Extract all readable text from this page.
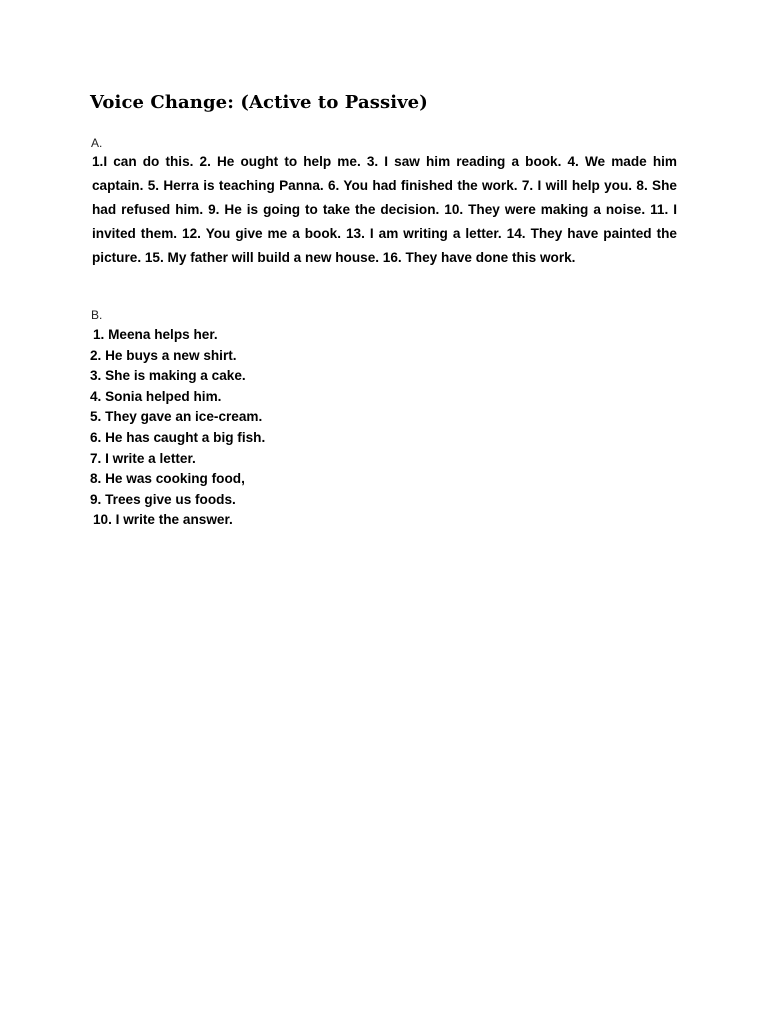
Voice Change: (Active to Passive)
A.

1.I can do this. 2. He ought to help me. 3. I saw him reading a book. 4. We made him captain. 5. Herra is teaching Panna. 6. You had finished the work. 7. I will help you. 8. She had refused him. 9. He is going to take the decision. 10. They were making a noise. 11. I invited them. 12. You give me a book. 13. I am writing a letter. 14. They have painted the picture. 15. My father will build a new house. 16. They have done this work.

B.
1. Meena helps her.
2. He buys a new shirt.
3. She is making a cake.
4. Sonia helped him.
5. They gave an ice-cream.
6. He has caught a big fish.
7. I write a letter.
8. He was cooking food,
9. Trees give us foods.
10. I write the answer.
